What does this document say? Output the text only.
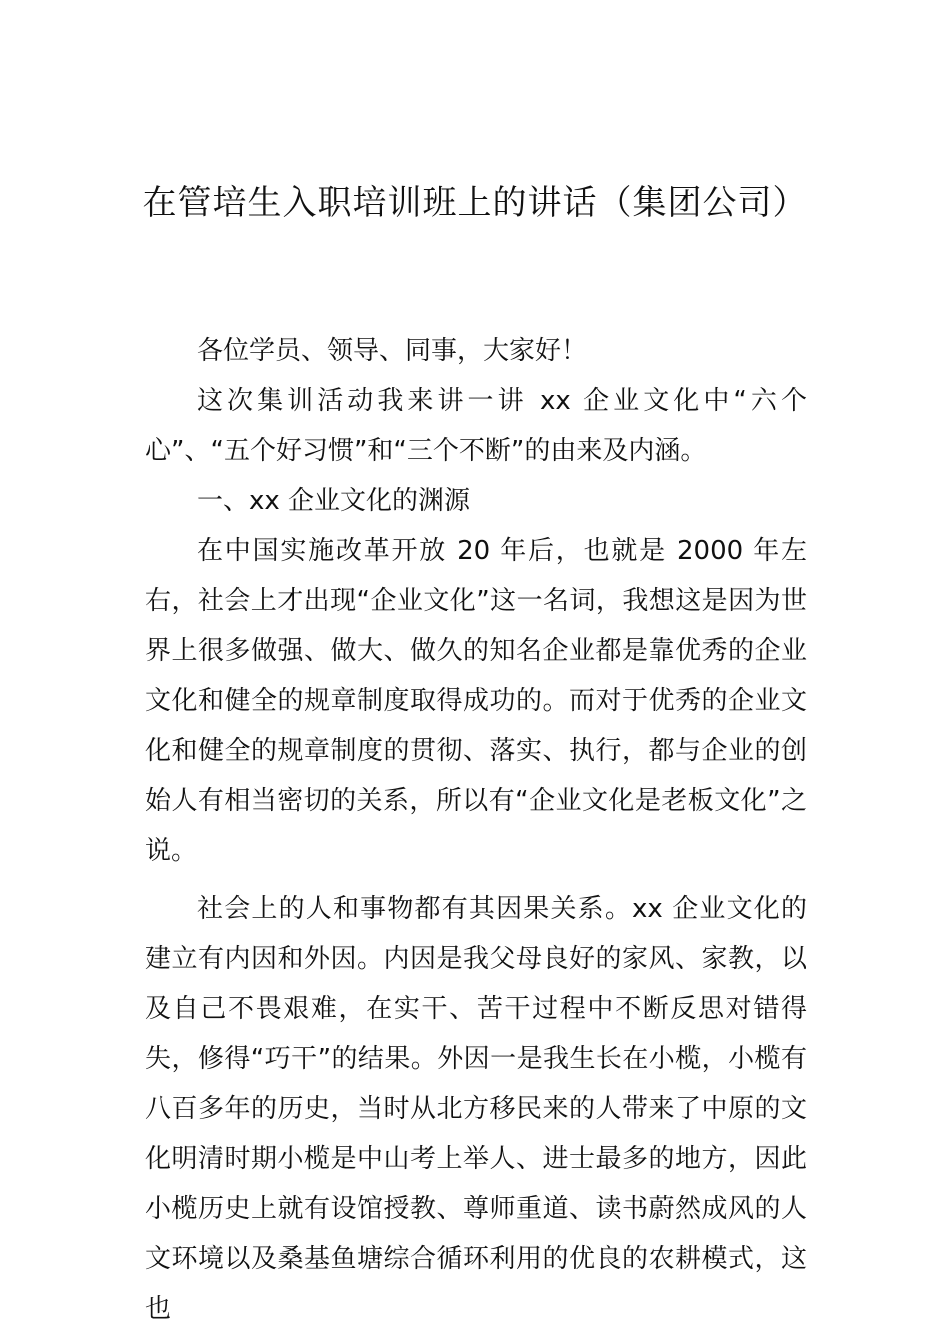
在管培生入职培训班上的讲话（集团公司）

各位学员、领导、同事，大家好！

这次集训活动我来讲一讲 xx 企业文化中“六个心”、“五个好习惯”和“三个不断”的由来及内涵。

一、xx 企业文化的渊源

在中国实施改革开放 20 年后，也就是 2000 年左右，社会上才出现“企业文化”这一名词，我想这是因为世界上很多做强、做大、做久的知名企业都是靠优秀的企业文化和健全的规章制度取得成功的。而对于优秀的企业文化和健全的规章制度的贯彻、落实、执行，都与企业的创始人有相当密切的关系，所以有“企业文化是老板文化”之说。

社会上的人和事物都有其因果关系。xx 企业文化的建立有内因和外因。内因是我父母良好的家风、家教，以及自己不畏艰难，在实干、苦干过程中不断反思对错得失，修得“巧干”的结果。外因一是我生长在小榄，小榄有八百多年的历史，当时从北方移民来的人带来了中原的文化明清时期小榄是中山考上举人、进士最多的地方，因此小榄历史上就有设馆授教、尊师重道、读书蔚然成风的人文环境以及桑基鱼塘综合循环利用的优良的农耕模式，这也
